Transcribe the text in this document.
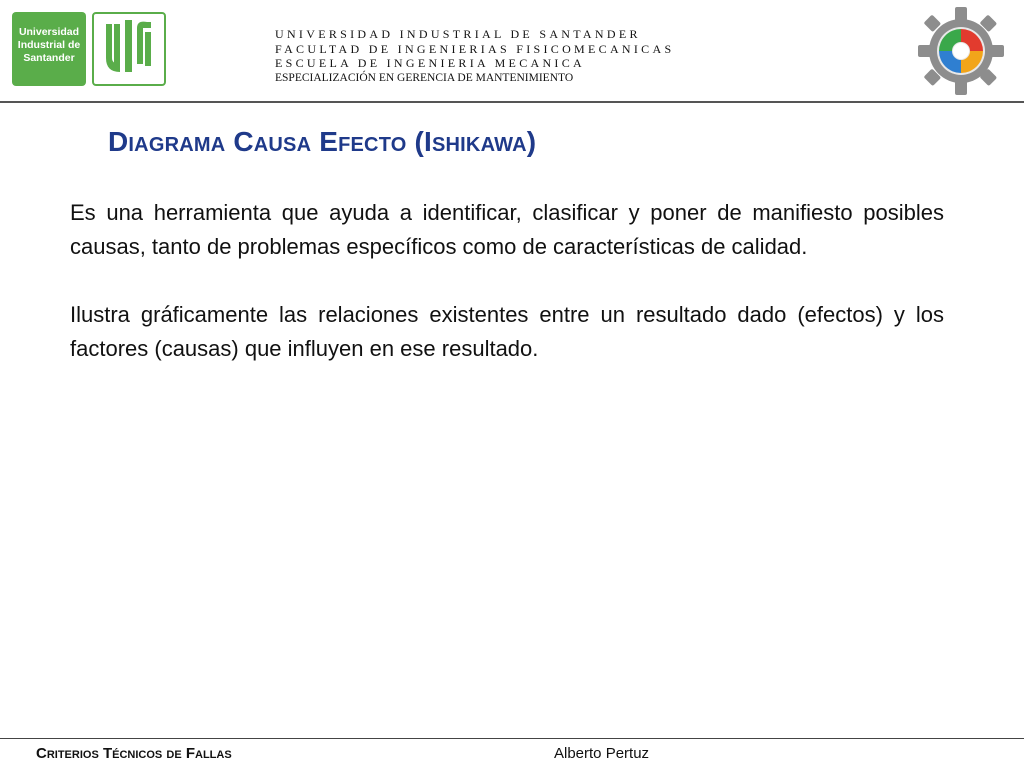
Universidad
Industrial de
Santander
UNIVERSIDAD INDUSTRIAL DE SANTANDER
FACULTAD DE INGENIERIAS FISICOMECANICAS
ESCUELA DE INGENIERIA MECANICA
ESPECIALIZACIÓN EN GERENCIA DE MANTENIMIENTO
Diagrama Causa Efecto (Ishikawa)

Es una herramienta que ayuda a identificar, clasificar y poner de manifiesto posibles causas, tanto de problemas específicos como de características de calidad.

Ilustra gráficamente las relaciones existentes entre un resultado dado (efectos) y los factores (causas) que influyen en ese resultado.

Criterios Técnicos de Fallas	Alberto Pertuz
